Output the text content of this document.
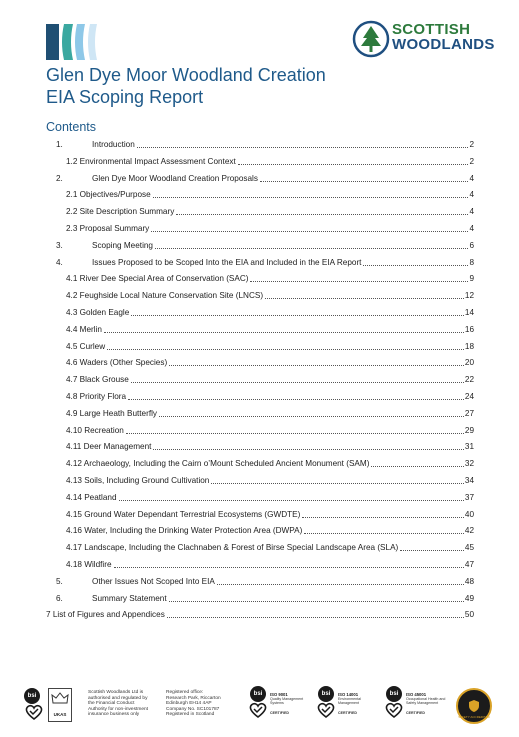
SCOTTISH
WOODLANDS
Glen Dye Moor Woodland Creation
EIA Scoping Report
Contents
1.	Introduction	2
1.2 Environmental Impact Assessment Context	2
2.	Glen Dye Moor Woodland Creation Proposals	4
2.1 Objectives/Purpose	4
2.2 Site Description Summary	4
2.3 Proposal Summary	4
3.	Scoping Meeting	6
4.	Issues Proposed to be Scoped Into the EIA and Included in the EIA Report	8
4.1 River Dee Special Area of Conservation (SAC)	9
4.2 Feughside Local Nature Conservation Site (LNCS)	12
4.3 Golden Eagle	14
4.4 Merlin	16
4.5 Curlew	18
4.6 Waders (Other Species)	20
4.7 Black Grouse	22
4.8 Priority Flora	24
4.9 Large Heath Butterfly	27
4.10 Recreation	29
4.11 Deer Management	31
4.12 Archaeology, Including the Cairn o’Mount Scheduled Ancient Monument (SAM)	32
4.13 Soils, Including Ground Cultivation	34
4.14 Peatland	37
4.15 Ground Water Dependant Terrestrial Ecosystems (GWDTE)	40
4.16 Water, Including the Drinking Water Protection Area (DWPA)	42
4.17 Landscape, Including the Clachnaben & Forest of Birse Special Landscape Area (SLA)	45
4.18 Wildfire	47
5.	Other Issues Not Scoped Into EIA	48
6.	Summary Statement	49
7 List of Figures and Appendices	50
bsi
UKAS
Scottish Woodlands Ltd is
authorised and regulated by
the Financial Conduct
Authority for non-investment
insurance business only
Registered office:
Research Park, Riccarton
Edinburgh EH14 4AP
Company No. SC101787
Registered in Scotland
bsi	ISO 9001
Quality Management Systems
CERTIFIED
bsi	ISO 14001
Environmental Management
CERTIFIED
bsi	ISO 45001
Occupational Health and Safety Management
CERTIFIED
SAFETY ACCREDITED
